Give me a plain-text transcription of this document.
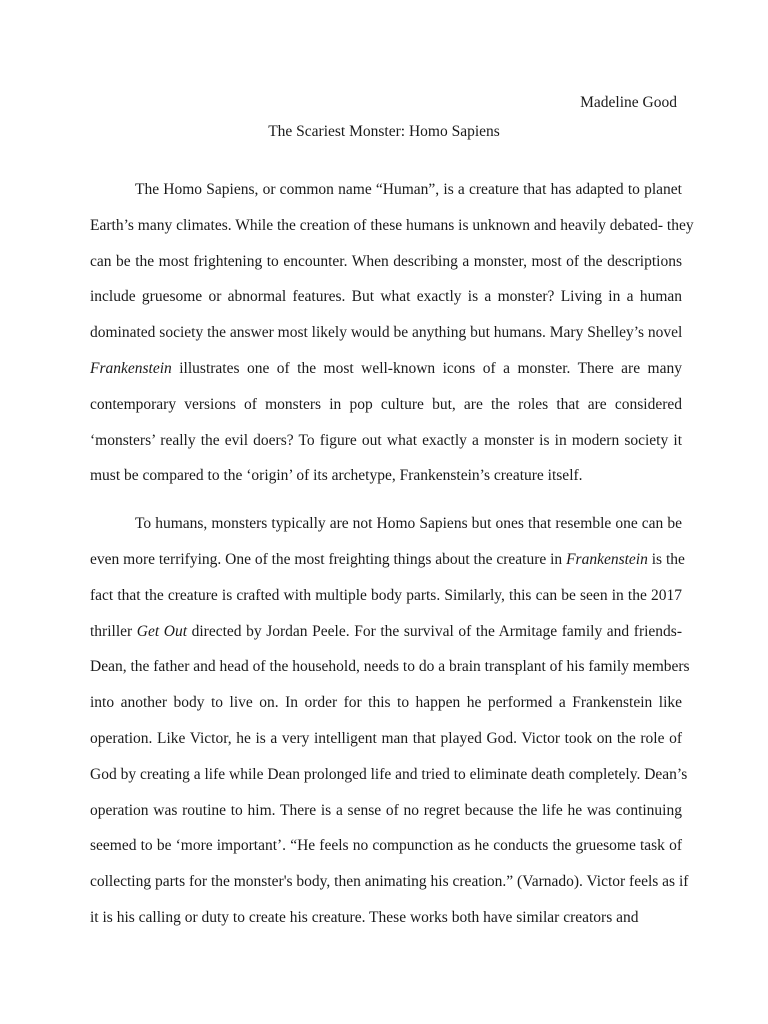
Madeline Good
The Scariest Monster: Homo Sapiens
The Homo Sapiens, or common name “Human”, is a creature that has adapted to planet
Earth’s many climates. While the creation of these humans is unknown and heavily debated- they
can be the most frightening to encounter. When describing a monster, most of the descriptions
include gruesome or abnormal features. But what exactly is a monster? Living in a human
dominated society the answer most likely would be anything but humans. Mary Shelley’s novel
Frankenstein illustrates one of the most well-known icons of a monster. There are many
contemporary versions of monsters in pop culture but, are the roles that are considered
‘monsters’ really the evil doers? To figure out what exactly a monster is in modern society it
must be compared to the ‘origin’ of its archetype, Frankenstein’s creature itself.
To humans, monsters typically are not Homo Sapiens but ones that resemble one can be
even more terrifying. One of the most freighting things about the creature in Frankenstein is the
fact that the creature is crafted with multiple body parts. Similarly, this can be seen in the 2017
thriller Get Out directed by Jordan Peele. For the survival of the Armitage family and friends-
Dean, the father and head of the household, needs to do a brain transplant of his family members
into another body to live on. In order for this to happen he performed a Frankenstein like
operation. Like Victor, he is a very intelligent man that played God. Victor took on the role of
God by creating a life while Dean prolonged life and tried to eliminate death completely. Dean’s
operation was routine to him. There is a sense of no regret because the life he was continuing
seemed to be ‘more important’. “He feels no compunction as he conducts the gruesome task of
collecting parts for the monster's body, then animating his creation.” (Varnado). Victor feels as if
it is his calling or duty to create his creature. These works both have similar creators and
